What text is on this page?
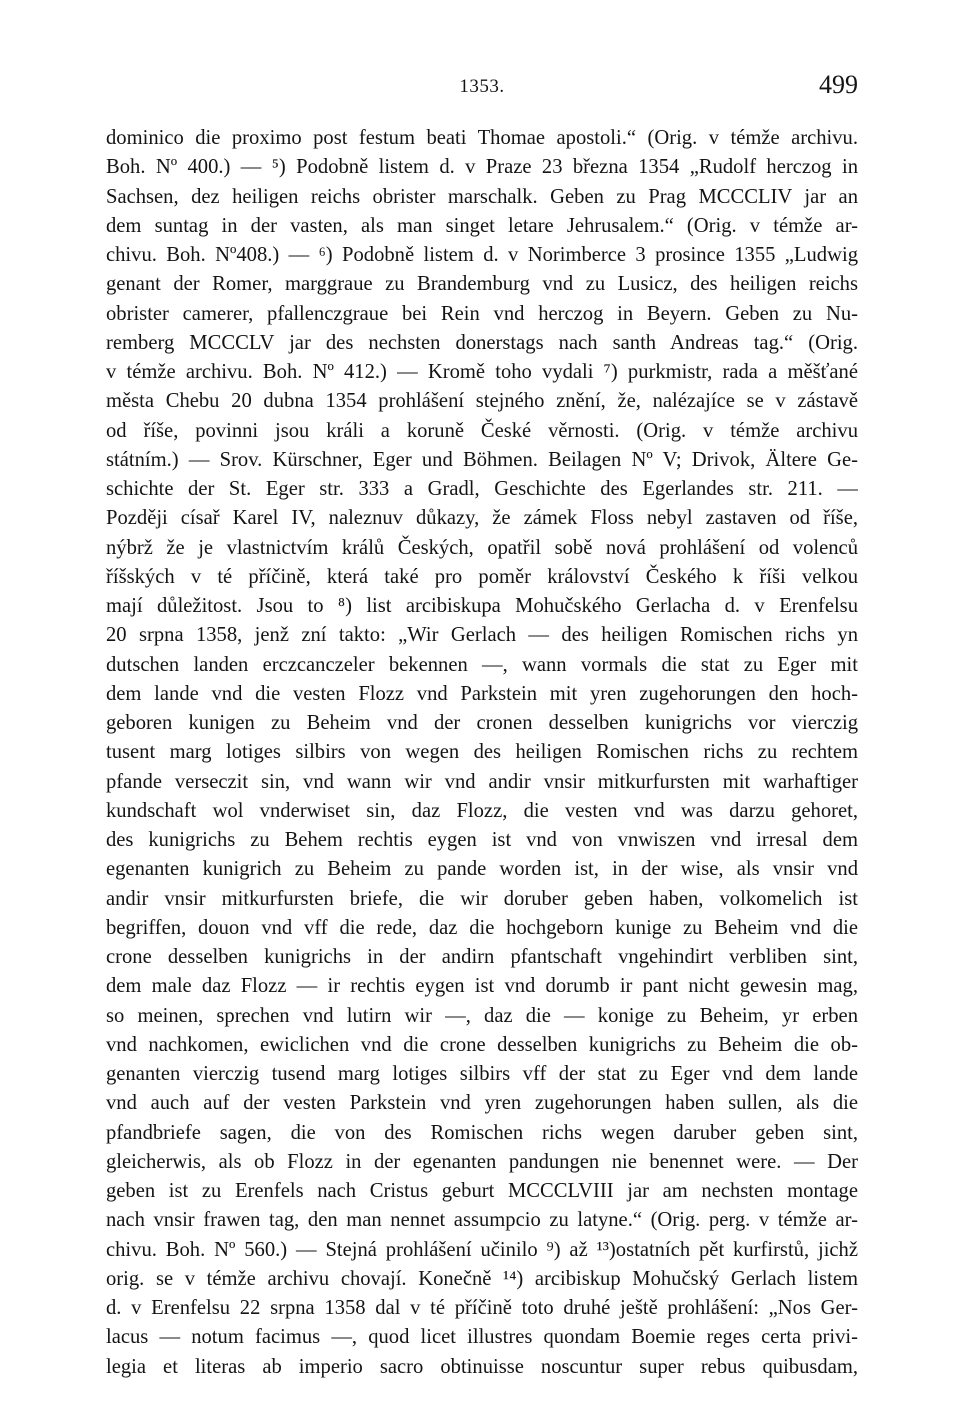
1353.	499
dominico die proximo post festum beati Thomae apostoli.“ (Orig. v témže archivu.
Boh. Nº 400.) — ⁵) Podobně listem d. v Praze 23 března 1354 „Rudolf herczog in
Sachsen, dez heiligen reichs obrister marschalk. Geben zu Prag MCCCLIV jar an
dem suntag in der vasten, als man singet letare Jehrusalem.“ (Orig. v témže ar-
chivu. Boh. Nº408.) — ⁶) Podobně listem d. v Norimberce 3 prosince 1355 „Ludwig
genant der Romer, marggraue zu Brandemburg vnd zu Lusicz, des heiligen reichs
obrister camerer, pfallenczgraue bei Rein vnd herczog in Beyern. Geben zu Nu-
remberg MCCCLV jar des nechsten donerstags nach santh Andreas tag.“ (Orig.
v témže archivu. Boh. Nº 412.) — Kromě toho vydali ⁷) purkmistr, rada a měšťané
města Chebu 20 dubna 1354 prohlášení stejného znění, že, nalézajíce se v zástavě
od říše, povinni jsou králi a koruně České věrnosti. (Orig. v témže archivu
státním.) — Srov. Kürschner, Eger und Böhmen. Beilagen Nº V; Drivok, Ältere Ge-
schichte der St. Eger str. 333 a Gradl, Geschichte des Egerlandes str. 211. —
Později císař Karel IV, naleznuv důkazy, že zámek Floss nebyl zastaven od říše,
nýbrž že je vlastnictvím králů Českých, opatřil sobě nová prohlášení od volenců
říšských v té příčině, která také pro poměr království Českého k říši velkou
mají důležitost. Jsou to ⁸) list arcibiskupa Mohučského Gerlacha d. v Erenfelsu
20 srpna 1358, jenž zní takto: „Wir Gerlach — des heiligen Romischen richs yn
dutschen landen erczcanczeler bekennen —, wann vormals die stat zu Eger mit
dem lande vnd die vesten Flozz vnd Parkstein mit yren zugehorungen den hoch-
geboren kunigen zu Beheim vnd der cronen desselben kunigrichs vor vierczig
tusent marg lotiges silbirs von wegen des heiligen Romischen richs zu rechtem
pfande verseczit sin, vnd wann wir vnd andir vnsir mitkurfursten mit warhaftiger
kundschaft wol vnderwiset sin, daz Flozz, die vesten vnd was darzu gehoret,
des kunigrichs zu Behem rechtis eygen ist vnd von vnwiszen vnd irresal dem
egenanten kunigrich zu Beheim zu pande worden ist, in der wise, als vnsir vnd
andir vnsir mitkurfursten briefe, die wir doruber geben haben, volkomelich ist
begriffen, douon vnd vff die rede, daz die hochgeborn kunige zu Beheim vnd die
crone desselben kunigrichs in der andirn pfantschaft vngehindirt verbliben sint,
dem male daz Flozz — ir rechtis eygen ist vnd dorumb ir pant nicht gewesin mag,
so meinen, sprechen vnd lutirn wir —, daz die — konige zu Beheim, yr erben
vnd nachkomen, ewiclichen vnd die crone desselben kunigrichs zu Beheim die ob-
genanten vierczig tusend marg lotiges silbirs vff der stat zu Eger vnd dem lande
vnd auch auf der vesten Parkstein vnd yren zugehorungen haben sullen, als die
pfandbriefe sagen, die von des Romischen richs wegen daruber geben sint,
gleicherwis, als ob Flozz in der egenanten pandungen nie benennet were. — Der
geben ist zu Erenfels nach Cristus geburt MCCCLVIII jar am nechsten montage
nach vnsir frawen tag, den man nennet assumpcio zu latyne.“ (Orig. perg. v témže ar-
chivu. Boh. Nº 560.) — Stejná prohlášení učinilo ⁹) až ¹³)ostatních pět kurfirstů, jichž
orig. se v témže archivu chovají. Konečně ¹⁴) arcibiskup Mohučský Gerlach listem
d. v Erenfelsu 22 srpna 1358 dal v té příčině toto druhé ještě prohlášení: „Nos Ger-
lacus — notum facimus —, quod licet illustres quondam Boemie reges certa privi-
legia et literas ab imperio sacro obtinuisse noscuntur super rebus quibusdam,
